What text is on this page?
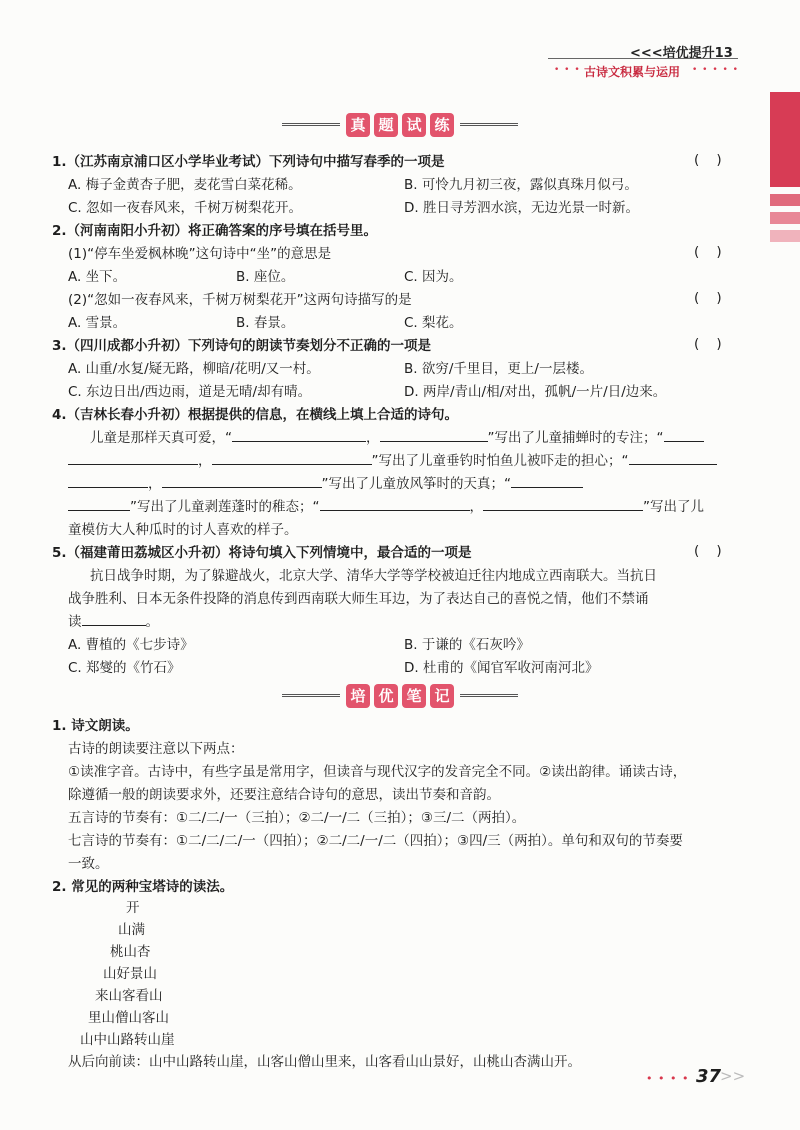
<<<培优提升13
• • • 古诗文积累与运用 • • • • •
真 题 试 练
1.（江苏南京浦口区小学毕业考试）下列诗句中描写春季的一项是	(    )
A. 梅子金黄杏子肥，麦花雪白菜花稀。	B. 可怜九月初三夜，露似真珠月似弓。
C. 忽如一夜春风来，千树万树梨花开。	D. 胜日寻芳泗水滨，无边光景一时新。
2.（河南南阳小升初）将正确答案的序号填在括号里。
(1)“停车坐爱枫林晚”这句诗中“坐”的意思是	(    )
A. 坐下。	B. 座位。	C. 因为。
(2)“忽如一夜春风来，千树万树梨花开”这两句诗描写的是	(    )
A. 雪景。	B. 春景。	C. 梨花。
3.（四川成都小升初）下列诗句的朗读节奏划分不正确的一项是	(    )
A. 山重/水复/疑无路，柳暗/花明/又一村。	B. 欲穷/千里目，更上/一层楼。
C. 东边日出/西边雨，道是无晴/却有晴。	D. 两岸/青山/相/对出，孤帆/一片/日/边来。
4.（吉林长春小升初）根据提供的信息，在横线上填上合适的诗句。
儿童是那样天真可爱，“	，	”写出了儿童捕蝉时的专注；“
，	”写出了儿童垂钓时怕鱼儿被吓走的担心；“
，	”写出了儿童放风筝时的天真；“
”写出了儿童剥莲蓬时的稚态；“	，	”写出了儿
童模仿大人种瓜时的讨人喜欢的样子。
5.（福建莆田荔城区小升初）将诗句填入下列情境中，最合适的一项是	(    )
抗日战争时期，为了躲避战火，北京大学、清华大学等学校被迫迁往内地成立西南联大。当抗日
战争胜利、日本无条件投降的消息传到西南联大师生耳边，为了表达自己的喜悦之情，他们不禁诵
读	。
A. 曹植的《七步诗》	B. 于谦的《石灰吟》
C. 郑燮的《竹石》	D. 杜甫的《闻官军收河南河北》
培 优 笔 记
1. 诗文朗读。
古诗的朗读要注意以下两点：
①读准字音。古诗中，有些字虽是常用字，但读音与现代汉字的发音完全不同。②读出韵律。诵读古诗，
除遵循一般的朗读要求外，还要注意结合诗句的意思，读出节奏和音韵。
五言诗的节奏有：①二/二/一（三拍）；②二/一/二（三拍）；③三/二（两拍）。
七言诗的节奏有：①二/二/二/一（四拍）；②二/二/一/二（四拍）；③四/三（两拍）。单句和双句的节奏要
一致。
2. 常见的两种宝塔诗的读法。
开
山满
桃山杏
山好景山
来山客看山
里山僧山客山
山中山路转山崖
从后向前读：山中山路转山崖，山客山僧山里来，山客看山山景好，山桃山杏满山开。
• • • • 37
>>
